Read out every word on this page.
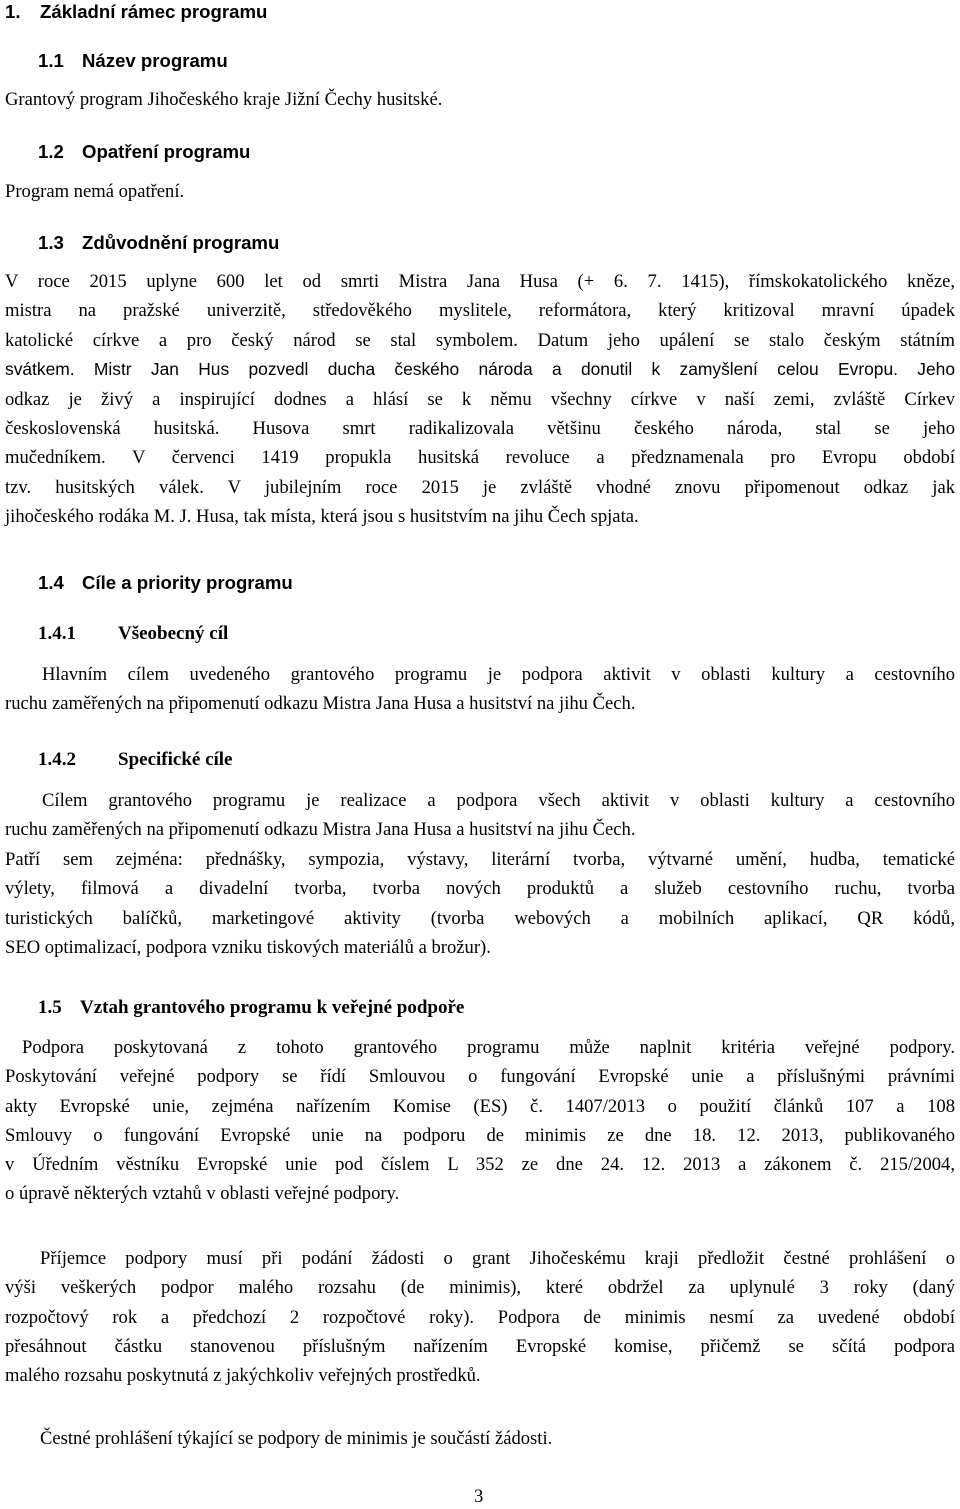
1. Základní rámec programu
1.1 Název programu
Grantový program Jihočeského kraje Jižní Čechy husitské.
1.2 Opatření programu
Program nemá opatření.
1.3 Zdůvodnění programu
V roce 2015 uplyne 600 let od smrti Mistra Jana Husa (+ 6. 7. 1415), římskokatolického kněze,
mistra na pražské univerzitě, středověkého myslitele, reformátora, který kritizoval mravní úpadek
katolické církve a pro český národ se stal symbolem. Datum jeho upálení se stalo českým státním
svátkem. Mistr Jan Hus pozvedl ducha českého národa a donutil k zamyšlení celou Evropu. Jeho
odkaz je živý a inspirující dodnes a hlásí se k němu všechny církve v naší zemi, zvláště Církev
československá husitská. Husova smrt radikalizovala většinu českého národa, stal se jeho
mučedníkem. V červenci 1419 propukla husitská revoluce a předznamenala pro Evropu období
tzv. husitských válek. V jubilejním roce 2015 je zvláště vhodné znovu připomenout odkaz jak
jihočeského rodáka M. J. Husa, tak místa, která jsou s husitstvím na jihu Čech spjata.
1.4 Cíle a priority programu
1.4.1 Všeobecný cíl
Hlavním cílem uvedeného grantového programu je podpora aktivit v oblasti kultury a cestovního
ruchu zaměřených na připomenutí odkazu Mistra Jana Husa a husitství na jihu Čech.
1.4.2 Specifické cíle
Cílem grantového programu je realizace a podpora všech aktivit v oblasti kultury a cestovního
ruchu zaměřených na připomenutí odkazu Mistra Jana Husa a husitství na jihu Čech.
Patří sem zejména: přednášky, sympozia, výstavy, literární tvorba, výtvarné umění, hudba, tematické
výlety, filmová a divadelní tvorba, tvorba nových produktů a služeb cestovního ruchu, tvorba
turistických balíčků, marketingové aktivity (tvorba webových a mobilních aplikací, QR kódů,
SEO optimalizací, podpora vzniku tiskových materiálů a brožur).
1.5 Vztah grantového programu k veřejné podpoře
Podpora poskytovaná z tohoto grantového programu může naplnit kritéria veřejné podpory.
Poskytování veřejné podpory se řídí Smlouvou o fungování Evropské unie a příslušnými právními
akty Evropské unie, zejména nařízením Komise (ES) č. 1407/2013 o použití článků 107 a 108
Smlouvy o fungování Evropské unie na podporu de minimis ze dne 18. 12. 2013, publikovaného
v Úředním věstníku Evropské unie pod číslem L 352 ze dne 24. 12. 2013 a zákonem č. 215/2004,
o úpravě některých vztahů v oblasti veřejné podpory.
Příjemce podpory musí při podání žádosti o grant Jihočeskému kraji předložit čestné prohlášení o
výši veškerých podpor malého rozsahu (de minimis), které obdržel za uplynulé 3 roky (daný
rozpočtový rok a předchozí 2 rozpočtové roky). Podpora de minimis nesmí za uvedené období
přesáhnout částku stanovenou příslušným nařízením Evropské komise, přičemž se sčítá podpora
malého rozsahu poskytnutá z jakýchkoliv veřejných prostředků.
Čestné prohlášení týkající se podpory de minimis je součástí žádosti.
3
